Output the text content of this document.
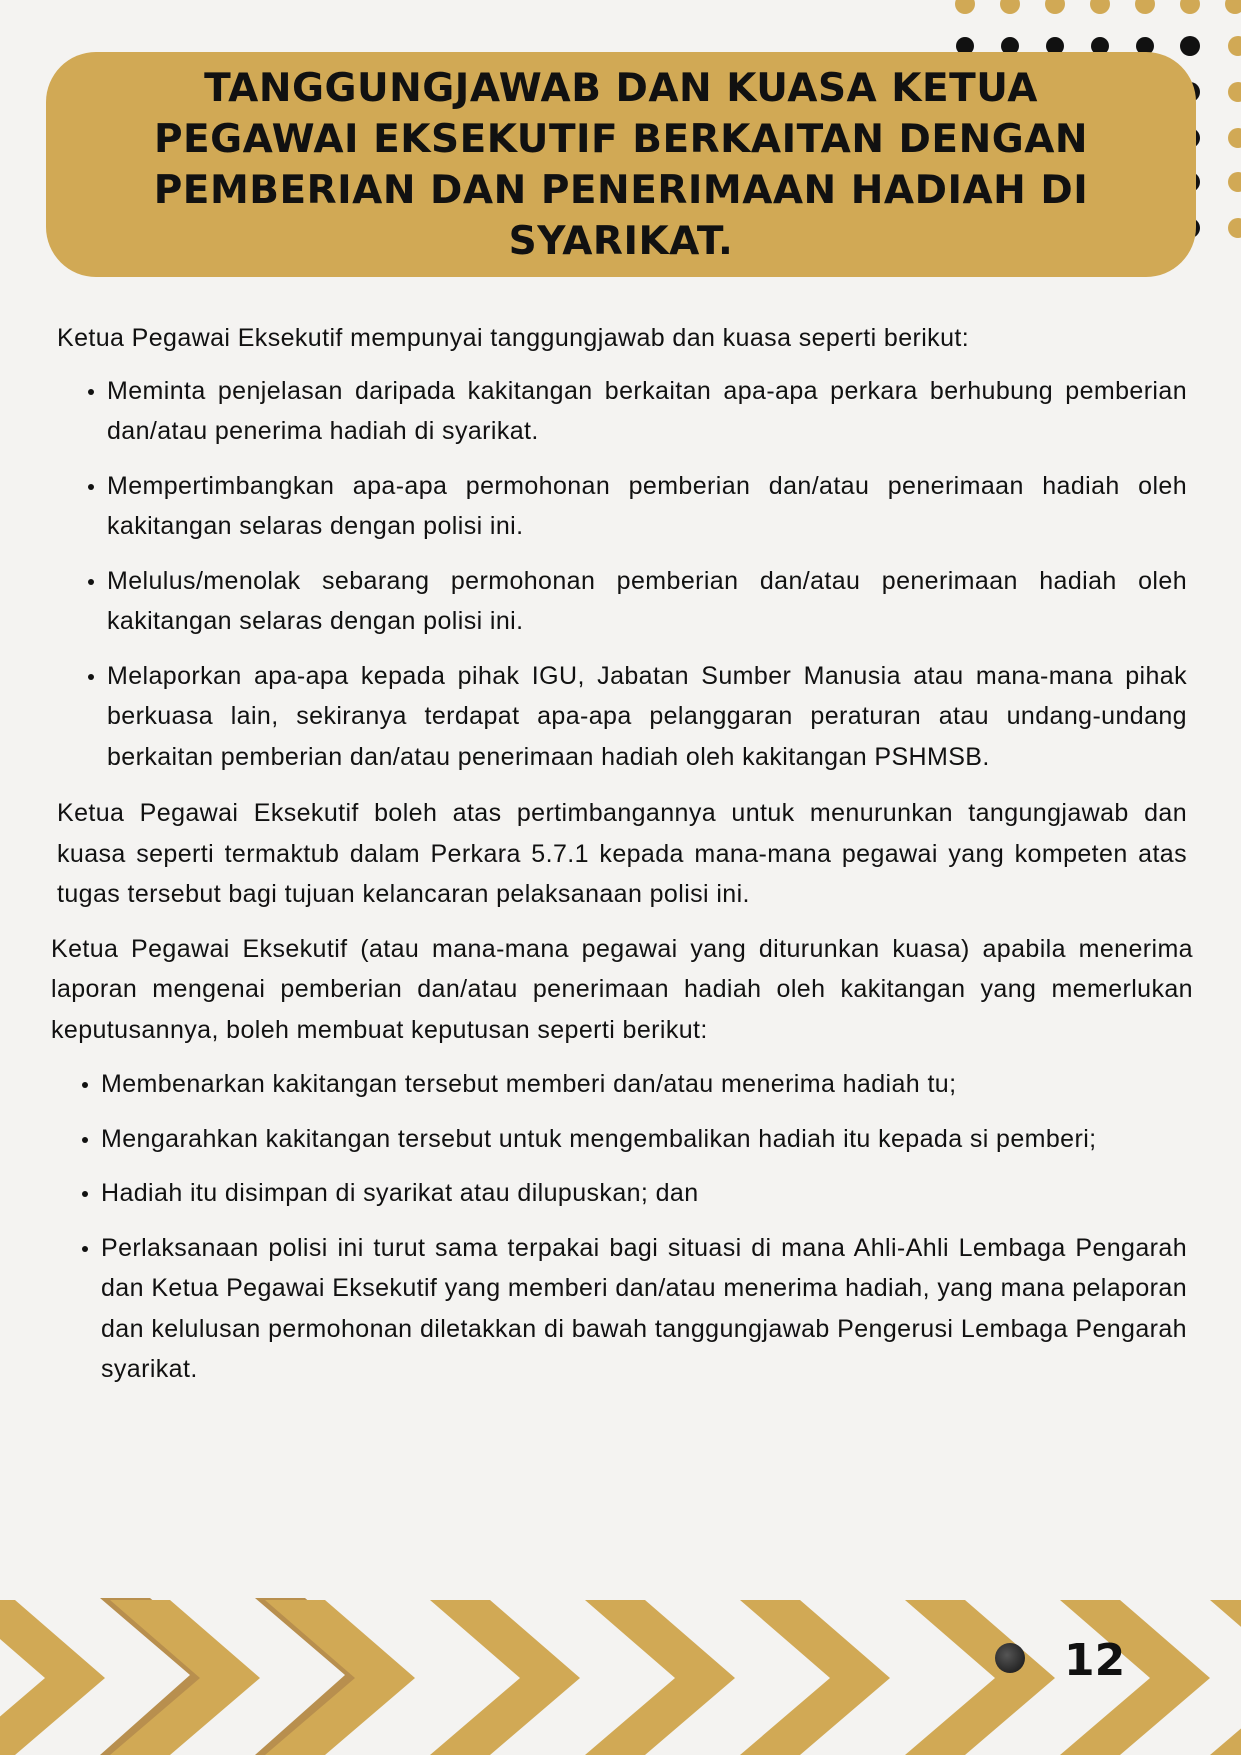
TANGGUNGJAWAB DAN KUASA KETUA PEGAWAI EKSEKUTIF BERKAITAN DENGAN PEMBERIAN DAN PENERIMAAN HADIAH DI SYARIKAT.

Ketua Pegawai Eksekutif mempunyai tanggungjawab dan kuasa seperti berikut:

Meminta penjelasan daripada kakitangan berkaitan apa-apa perkara berhubung pemberian dan/atau penerima hadiah di syarikat.
Mempertimbangkan apa-apa permohonan pemberian dan/atau penerimaan hadiah oleh kakitangan selaras dengan polisi ini.
Melulus/menolak sebarang permohonan pemberian dan/atau penerimaan hadiah oleh kakitangan selaras dengan polisi ini.
Melaporkan apa-apa kepada pihak IGU, Jabatan Sumber Manusia atau mana-mana pihak berkuasa lain, sekiranya terdapat apa-apa pelanggaran peraturan atau undang-undang berkaitan pemberian dan/atau penerimaan hadiah oleh kakitangan PSHMSB.

Ketua Pegawai Eksekutif boleh atas pertimbangannya untuk menurunkan tangungjawab dan kuasa seperti termaktub dalam Perkara 5.7.1 kepada mana-mana pegawai yang kompeten atas tugas tersebut bagi tujuan kelancaran pelaksanaan polisi ini.

Ketua Pegawai Eksekutif (atau mana-mana pegawai yang diturunkan kuasa) apabila menerima laporan mengenai pemberian dan/atau penerimaan hadiah oleh kakitangan yang memerlukan keputusannya, boleh membuat keputusan seperti berikut:

Membenarkan kakitangan tersebut memberi dan/atau menerima hadiah tu;
Mengarahkan kakitangan tersebut untuk mengembalikan hadiah itu kepada si pemberi;
Hadiah itu disimpan di syarikat atau dilupuskan; dan
Perlaksanaan polisi ini turut sama terpakai bagi situasi di mana Ahli-Ahli Lembaga Pengarah dan Ketua Pegawai Eksekutif yang memberi dan/atau menerima hadiah, yang mana pelaporan dan kelulusan permohonan diletakkan di bawah tanggungjawab Pengerusi Lembaga Pengarah syarikat.
12
